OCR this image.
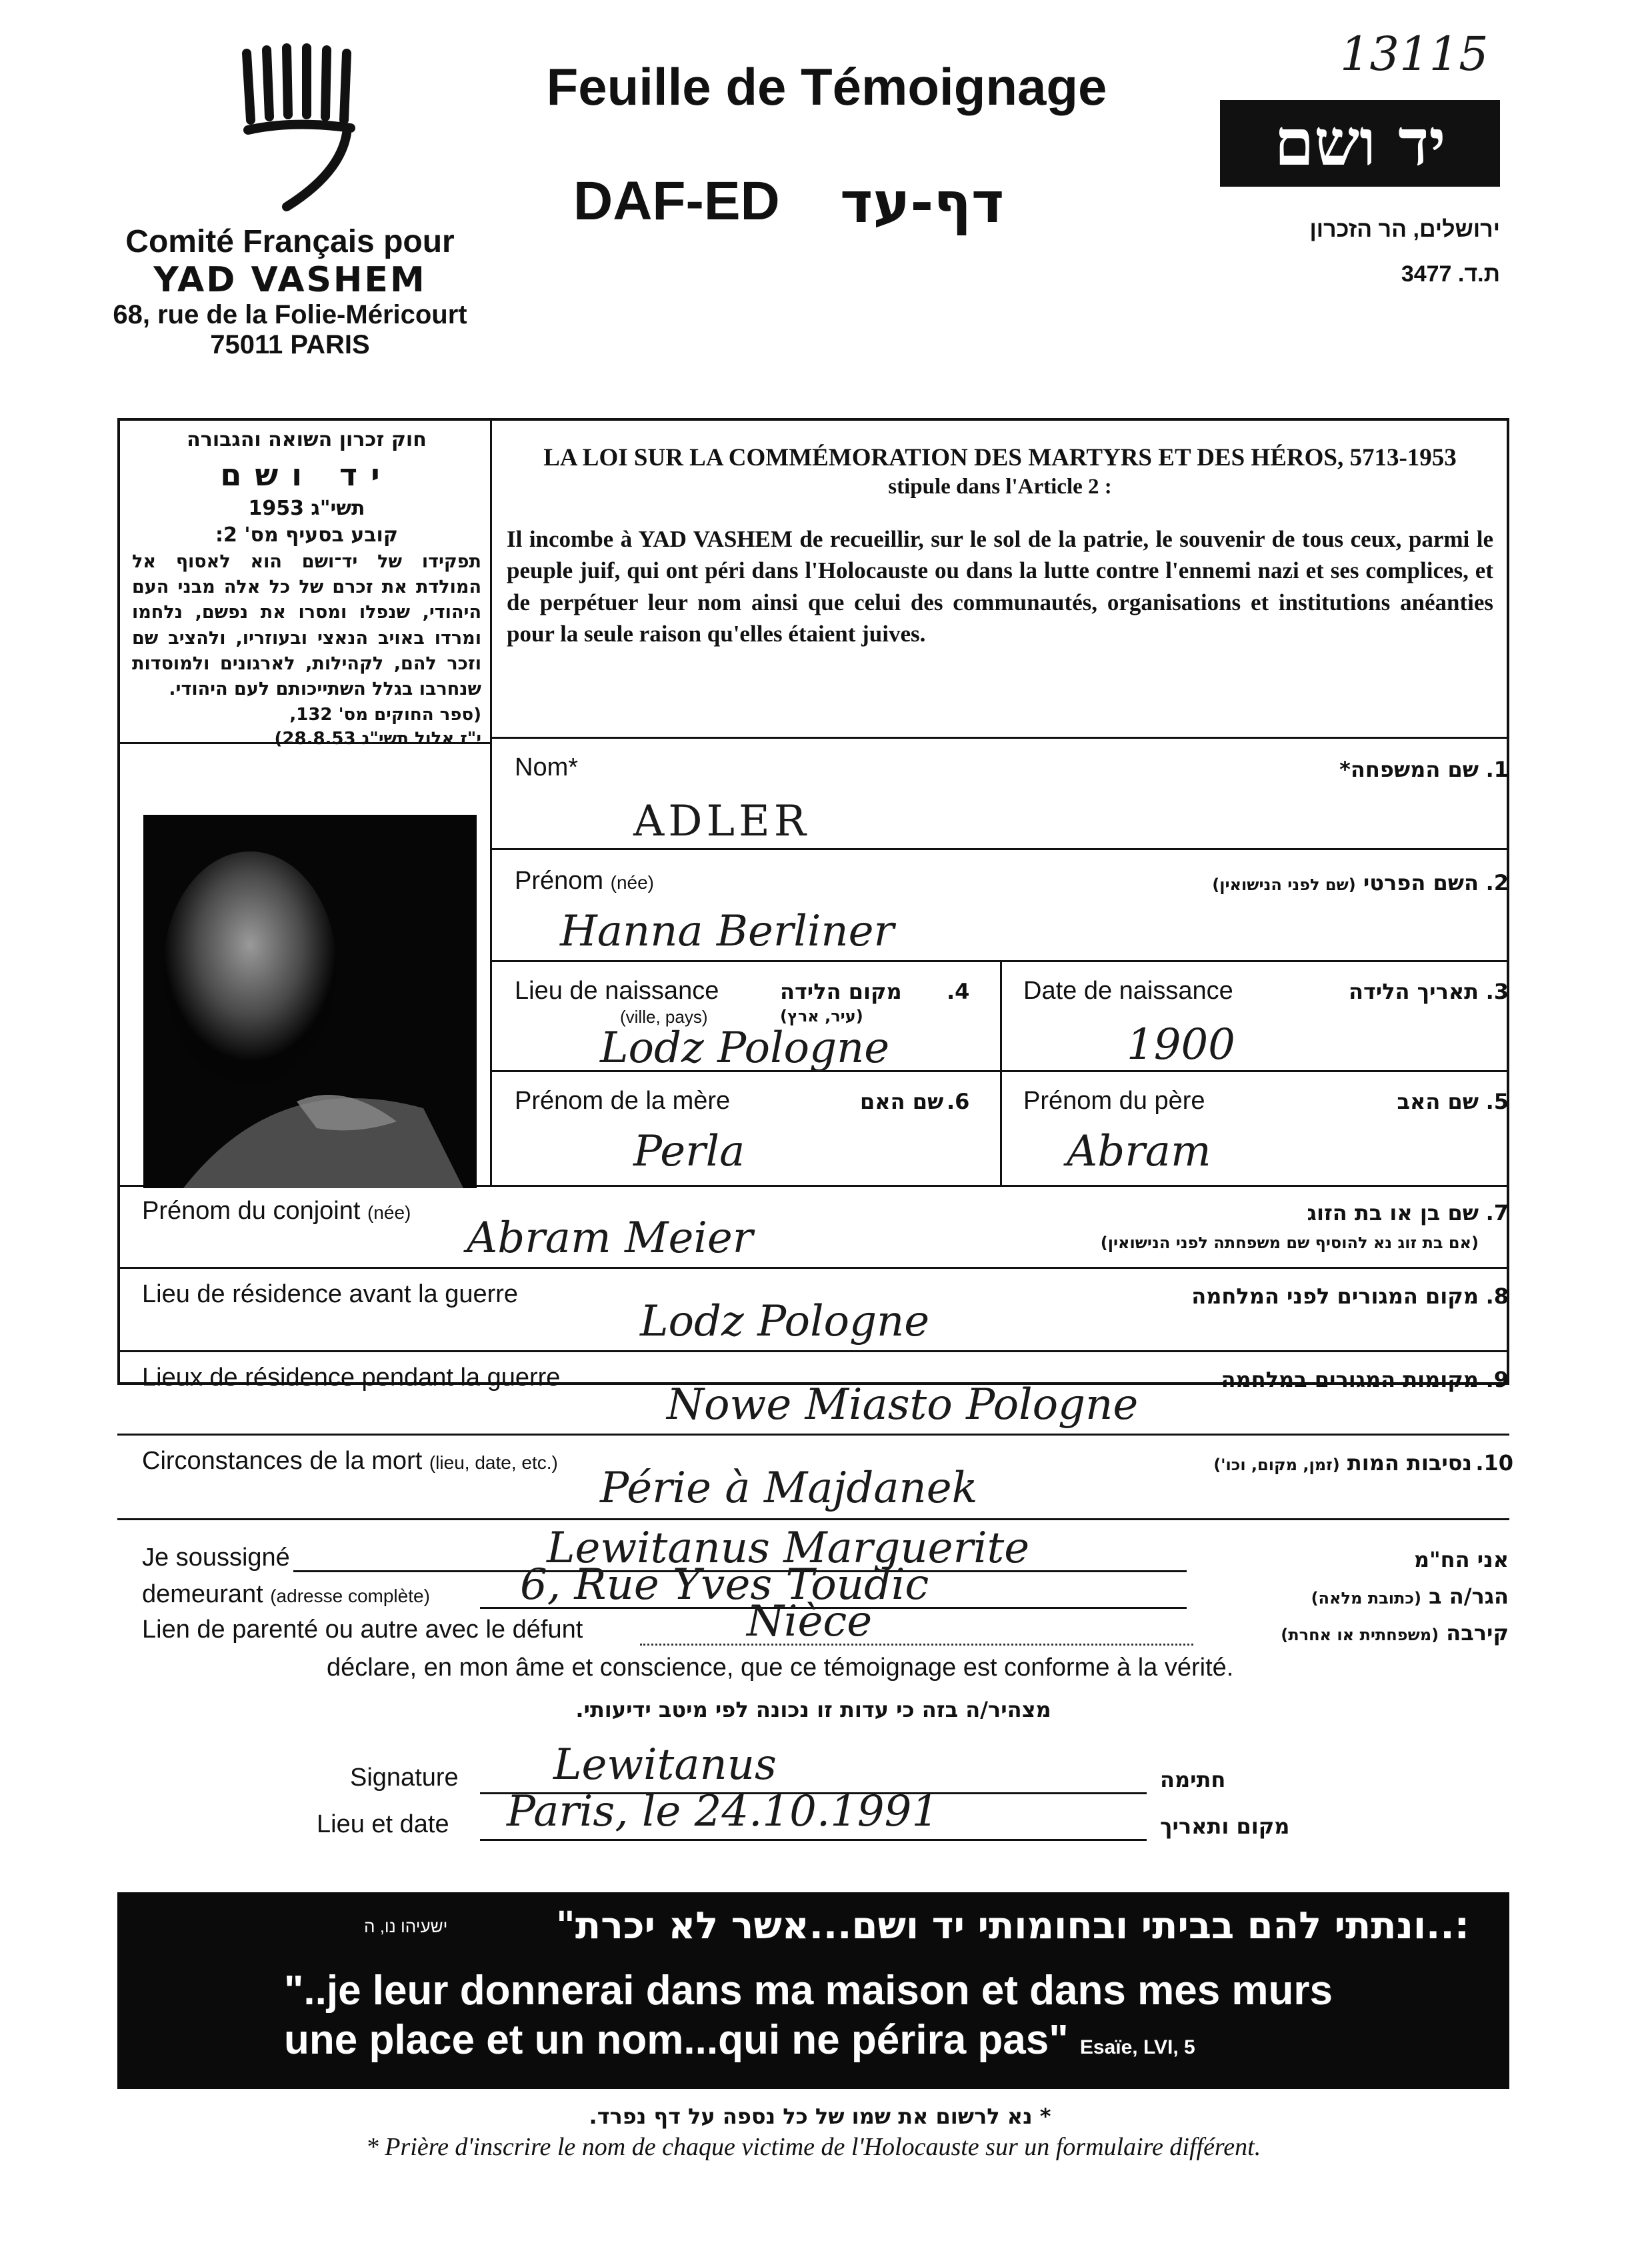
Comité Français pour
YAD VASHEM
68, rue de la Folie-Méricourt
75011 PARIS
Feuille de Témoignage
DAF-ED דף-עד
13115
יד ושם
ירושלים, הר הזכרון
ת.ד. 3477
חוק זכרון השואה והגבורה
יד ושם
תשי"ג 1953
קובע בסעיף מס' 2:
תפקידו של יד־ושם הוא לאסוף אל המולדת את זכרם של כל אלה מבני העם היהודי, שנפלו ומסרו את נפשם, נלחמו ומרדו באויב הנאצי ובעוזריו, ולהציב שם וזכר להם, לקהילות, לארגונים ולמוסדות שנחרבו בגלל השתייכותם לעם היהודי.
(ספר החוקים מס' 132,
י"ז אלול תשי"ג 28.8.53)
LA LOI SUR LA COMMÉMORATION DES MARTYRS ET DES HÉROS, 5713-1953
stipule dans l'Article 2 :
Il incombe à YAD VASHEM de recueillir, sur le sol de la patrie, le souvenir de tous ceux, parmi le peuple juif, qui ont péri dans l'Holocauste ou dans la lutte contre l'ennemi nazi et ses complices, et de perpétuer leur nom ainsi que celui des communautés, organisations et institutions anéanties pour la seule raison qu'elles étaient juives.
Nom*	שם המשפחה* 1.
ADLER
Prénom (née)	השם הפרטי (שם לפני הנישואין)	2.
Hanna Berliner
Lieu de naissance
(ville, pays)
מקום הלידה 4.
(עיר, ארץ)
Lodz Pologne
Date de naissance	תאריך הלידה 3.
1900
Prénom de la mère	שם האם 6.
Perla
Prénom du père	שם האב 5.
Abram
Prénom du conjoint (née)	שם בן או בת הזוג 7.
(אם בת זוג נא להוסיף שם משפחתה לפני הנישואין)
Abram Meier
Lieu de résidence avant la guerre	מקום המגורים לפני המלחמה 8.
Lodz Pologne
Lieux de résidence pendant la guerre	מקומות המגורים במלחמה 9.
Nowe Miasto Pologne
Circonstances de la mort (lieu, date, etc.)	נסיבות המות (זמן, מקום, וכו')	10.
Périe à Majdanek
Je soussigné	Lewitanus Marguerite	אני הח"מ
demeurant (adresse complète) 6, Rue Yves Toudic	הגר/ה ב (כתובת מלאה)
Lien de parenté ou autre avec le défunt	Nièce	קירבה (משפחתית או אחרת)
déclare, en mon âme et conscience, que ce témoignage est conforme à la vérité.
מצהיר/ה בזה כי עדות זו נכונה לפי מיטב ידיעותי.
Signature Lewitanus	חתימה
Lieu et date Paris, le 24.10.1991	מקום ותאריך
:..ונתתי להם בביתי ובחומותי יד ושם...אשר לא יכרת"
ישעיהו נו, ה
"..je leur donnerai dans ma maison et dans mes murs
une place et un nom...qui ne périra pas" Esaïe, LVI, 5
* נא לרשום את שמו של כל נספה על דף נפרד.
* Prière d'inscrire le nom de chaque victime de l'Holocauste sur un formulaire différent.
